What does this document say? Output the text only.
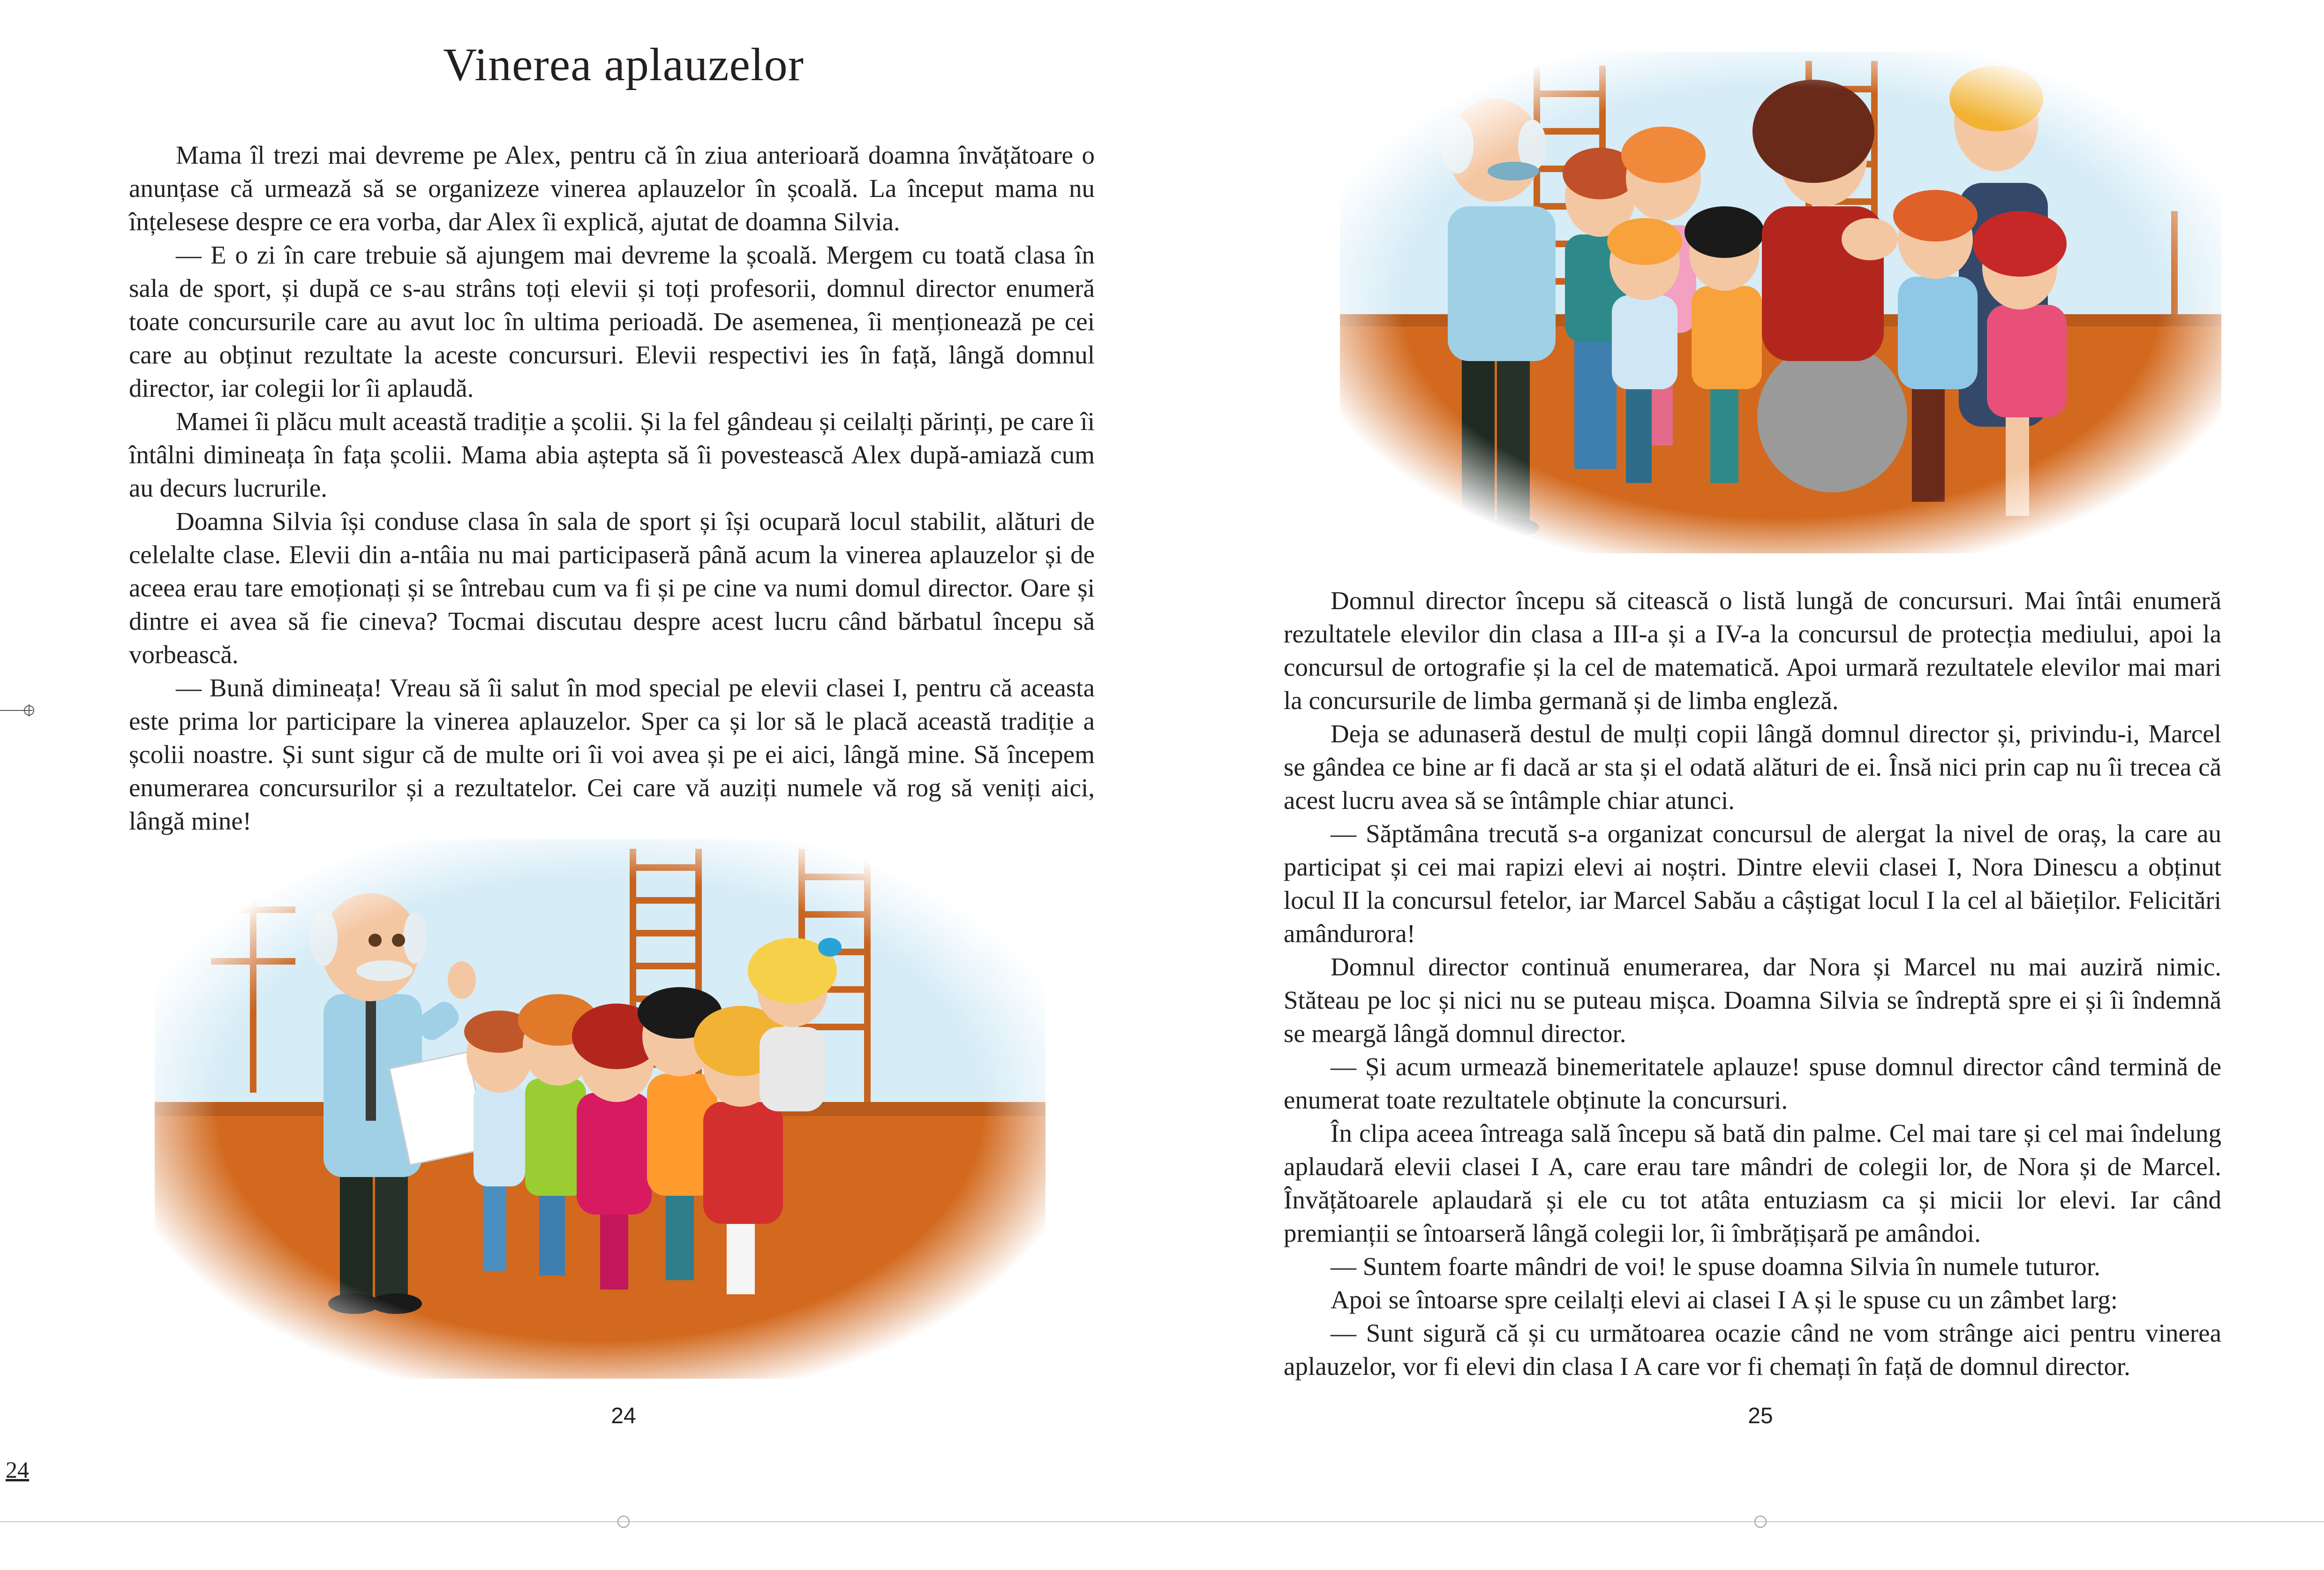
Vinerea aplauzelor

Mama îl trezi mai devreme pe Alex, pentru că în ziua anterioară doamna învățătoare o anunțase că urmează să se organizeze vinerea aplauzelor în școală. La început mama nu înțelesese despre ce era vorba, dar Alex îi explică, ajutat de doamna Silvia.

— E o zi în care trebuie să ajungem mai devreme la școală. Mergem cu toată clasa în sala de sport, și după ce s-au strâns toți elevii și toți profesorii, domnul director enumeră toate concursurile care au avut loc în ultima perioadă. De asemenea, îi menționează pe cei care au obținut rezultate la aceste concursuri. Elevii respectivi ies în față, lângă domnul director, iar colegii lor îi aplaudă.

Mamei îi plăcu mult această tradiție a școlii. Și la fel gândeau și ceilalți părinți, pe care îi întâlni dimineața în fața școlii. Mama abia aștepta să îi povestească Alex după-amiază cum au decurs lucrurile.

Doamna Silvia își conduse clasa în sala de sport și își ocupară locul stabilit, alături de celelalte clase. Elevii din a-ntâia nu mai participaseră până acum la vinerea aplauzelor și de aceea erau tare emoționați și se întrebau cum va fi și pe cine va numi domul director. Oare și dintre ei avea să fie cineva? Tocmai discutau despre acest lucru când bărbatul începu să vorbească.

— Bună dimineața! Vreau să îi salut în mod special pe elevii clasei I, pentru că aceasta este prima lor participare la vinerea aplauzelor. Sper ca și lor să le placă această tradiție a școlii noastre. Și sunt sigur că de multe ori îi voi avea și pe ei aici, lângă mine. Să începem enumerarea concursurilor și a rezultatelor. Cei care vă auziți numele vă rog să veniți aici, lângă mine!

24
24

Domnul director începu să citească o listă lungă de concursuri. Mai întâi enumeră rezultatele elevilor din clasa a III-a și a IV-a la concursul de protecția mediului, apoi la concursul de ortografie și la cel de matematică. Apoi urmară rezultatele elevilor mai mari la concursurile de limba germană și de limba engleză.

Deja se adunaseră destul de mulți copii lângă domnul director și, privindu-i, Marcel se gândea ce bine ar fi dacă ar sta și el odată alături de ei. Însă nici prin cap nu îi trecea că acest lucru avea să se întâmple chiar atunci.

— Săptămâna trecută s-a organizat concursul de alergat la nivel de oraș, la care au participat și cei mai rapizi elevi ai noștri. Dintre elevii clasei I, Nora Dinescu a obținut locul II la concursul fetelor, iar Marcel Sabău a câștigat locul I la cel al băieților. Felicitări amândurora!

Domnul director continuă enumerarea, dar Nora și Marcel nu mai auziră nimic. Stăteau pe loc și nici nu se puteau mișca. Doamna Silvia se îndreptă spre ei și îi îndemnă se meargă lângă domnul director.

— Și acum urmează binemeritatele aplauze! spuse domnul director când termină de enumerat toate rezultatele obținute la concursuri.

În clipa aceea întreaga sală începu să bată din palme. Cel mai tare și cel mai îndelung aplaudară elevii clasei I A, care erau tare mândri de colegii lor, de Nora și de Marcel. Învățătoarele aplaudară și ele cu tot atâta entuziasm ca și micii lor elevi. Iar când premianții se întoarseră lângă colegii lor, îi îmbrățișară pe amândoi.

— Suntem foarte mândri de voi! le spuse doamna Silvia în numele tuturor.

Apoi se întoarse spre ceilalți elevi ai clasei I A și le spuse cu un zâmbet larg:

— Sunt sigură că și cu următoarea ocazie când ne vom strânge aici pentru vinerea aplauzelor, vor fi elevi din clasa I A care vor fi chemați în față de domnul director.

25
